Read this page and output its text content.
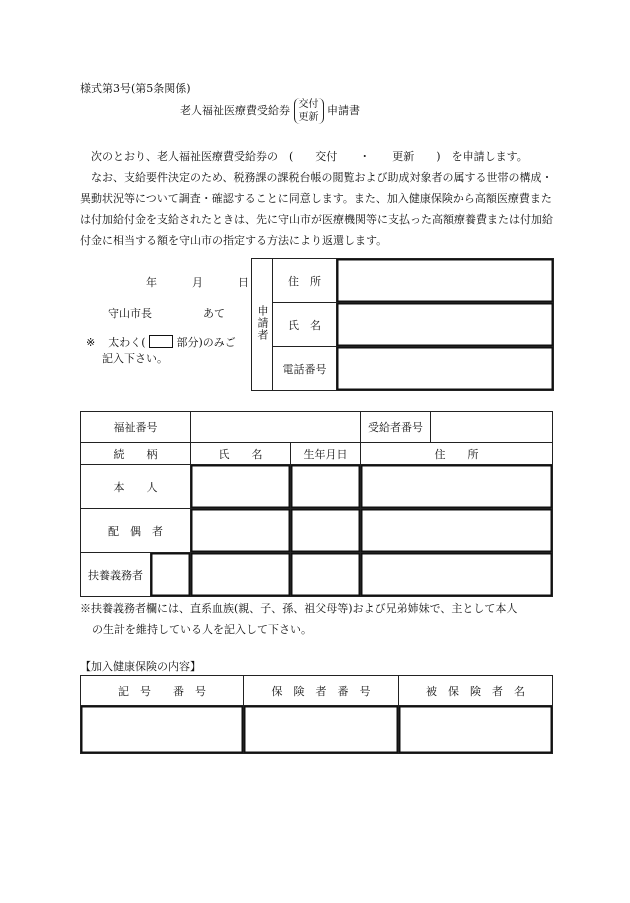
様式第3号(第5条関係)
老人福祉医療費受給券 交付
更新 申請書

次のとおり、老人福祉医療費受給券の　(　　交付　　・　　更新　　)　を申請します。

なお、支給要件決定のため、税務課の課税台帳の閲覧および助成対象者の属する世帯の構成・異動状況等について調査・確認することに同意します。また、加入健康保険から高額医療費または付加給付金を支給されたときは、先に守山市が医療機関等に支払った高額療養費または付加給付金に相当する額を守山市の指定する方法により返還します。

年	月	日
守山市長	あて
※ 太わく(	部分)のみご
記入下さい。
申請者	住　所	
	氏　名	
	電話番号	
福祉番号				受給者番号	
続　　柄		氏　　名	生年月日	住　　所	
本　　人					
配　偶　者					
扶養義務者					
※扶養義務者欄には、直系血族(親、子、孫、祖父母等)および兄弟姉妹で、主として本人
の生計を維持している人を記入して下さい。
【加入健康保険の内容】
記　号　　番　号	保　険　者　番　号	被　保　険　者　名
